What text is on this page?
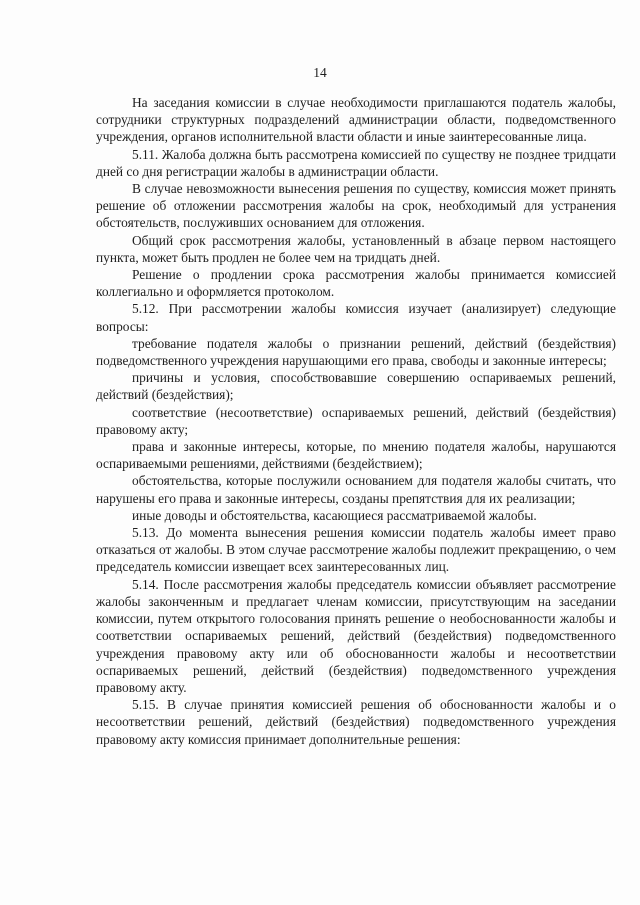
14

На заседания комиссии в случае необходимости приглашаются податель жалобы, сотрудники структурных подразделений администрации области, подведомственного учреждения, органов исполнительной власти области и иные заинтересованные лица.

5.11. Жалоба должна быть рассмотрена комиссией по существу не позднее тридцати дней со дня регистрации жалобы в администрации области.

В случае невозможности вынесения решения по существу, комиссия может принять решение об отложении рассмотрения жалобы на срок, необходимый для устранения обстоятельств, послуживших основанием для отложения.

Общий срок рассмотрения жалобы, установленный в абзаце первом настоящего пункта, может быть продлен не более чем на тридцать дней.

Решение о продлении срока рассмотрения жалобы принимается комиссией коллегиально и оформляется протоколом.

5.12. При рассмотрении жалобы комиссия изучает (анализирует) следующие вопросы:

требование подателя жалобы о признании решений, действий (бездействия) подведомственного учреждения нарушающими его права, свободы и законные интересы;

причины и условия, способствовавшие совершению оспариваемых решений, действий (бездействия);

соответствие (несоответствие) оспариваемых решений, действий (бездействия) правовому акту;

права и законные интересы, которые, по мнению подателя жалобы, нарушаются оспариваемыми решениями, действиями (бездействием);

обстоятельства, которые послужили основанием для подателя жалобы считать, что нарушены его права и законные интересы, созданы препятствия для их реализации;

иные доводы и обстоятельства, касающиеся рассматриваемой жалобы.

5.13. До момента вынесения решения комиссии податель жалобы имеет право отказаться от жалобы. В этом случае рассмотрение жалобы подлежит прекращению, о чем председатель комиссии извещает всех заинтересованных лиц.

5.14. После рассмотрения жалобы председатель комиссии объявляет рассмотрение жалобы законченным и предлагает членам комиссии, присутствующим на заседании комиссии, путем открытого голосования принять решение о необоснованности жалобы и соответствии оспариваемых решений, действий (бездействия) подведомственного учреждения правовому акту или об обоснованности жалобы и несоответствии оспариваемых решений, действий (бездействия) подведомственного учреждения правовому акту.

5.15. В случае принятия комиссией решения об обоснованности жалобы и о несоответствии решений, действий (бездействия) подведомственного учреждения правовому акту комиссия принимает дополнительные решения:
